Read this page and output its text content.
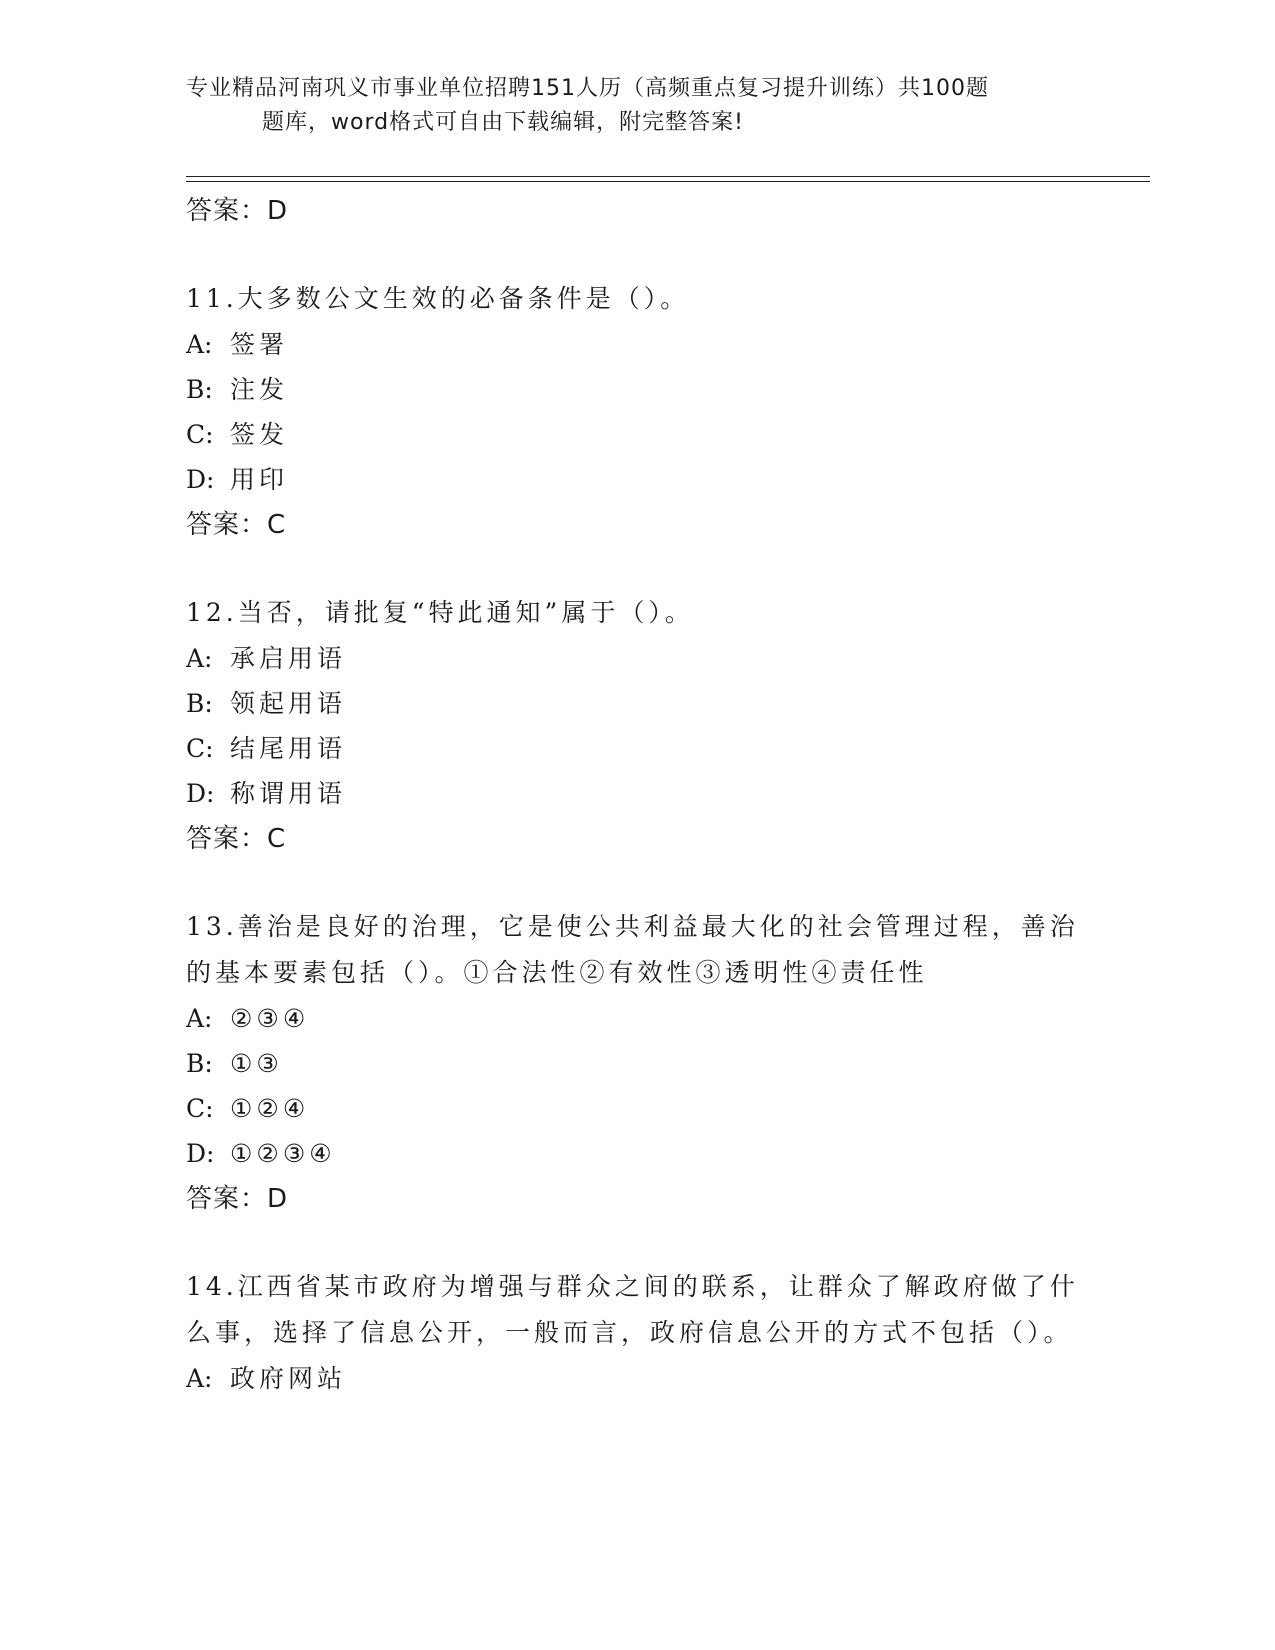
专业精品河南巩义市事业单位招聘151人历（高频重点复习提升训练）共100题
题库，word格式可自由下载编辑，附完整答案!
答案：D
11.大多数公文生效的必备条件是（）。
A: 签署
B: 注发
C: 签发
D: 用印
答案：C
12.当否，请批复“特此通知”属于（）。
A: 承启用语
B: 领起用语
C: 结尾用语
D: 称谓用语
答案：C
13.善治是良好的治理，它是使公共利益最大化的社会管理过程，善治的基本要素包括（）。①合法性②有效性③透明性④责任性
A: ②③④
B: ①③
C: ①②④
D: ①②③④
答案：D
14.江西省某市政府为增强与群众之间的联系，让群众了解政府做了什么事，选择了信息公开，一般而言，政府信息公开的方式不包括（）。
A: 政府网站
